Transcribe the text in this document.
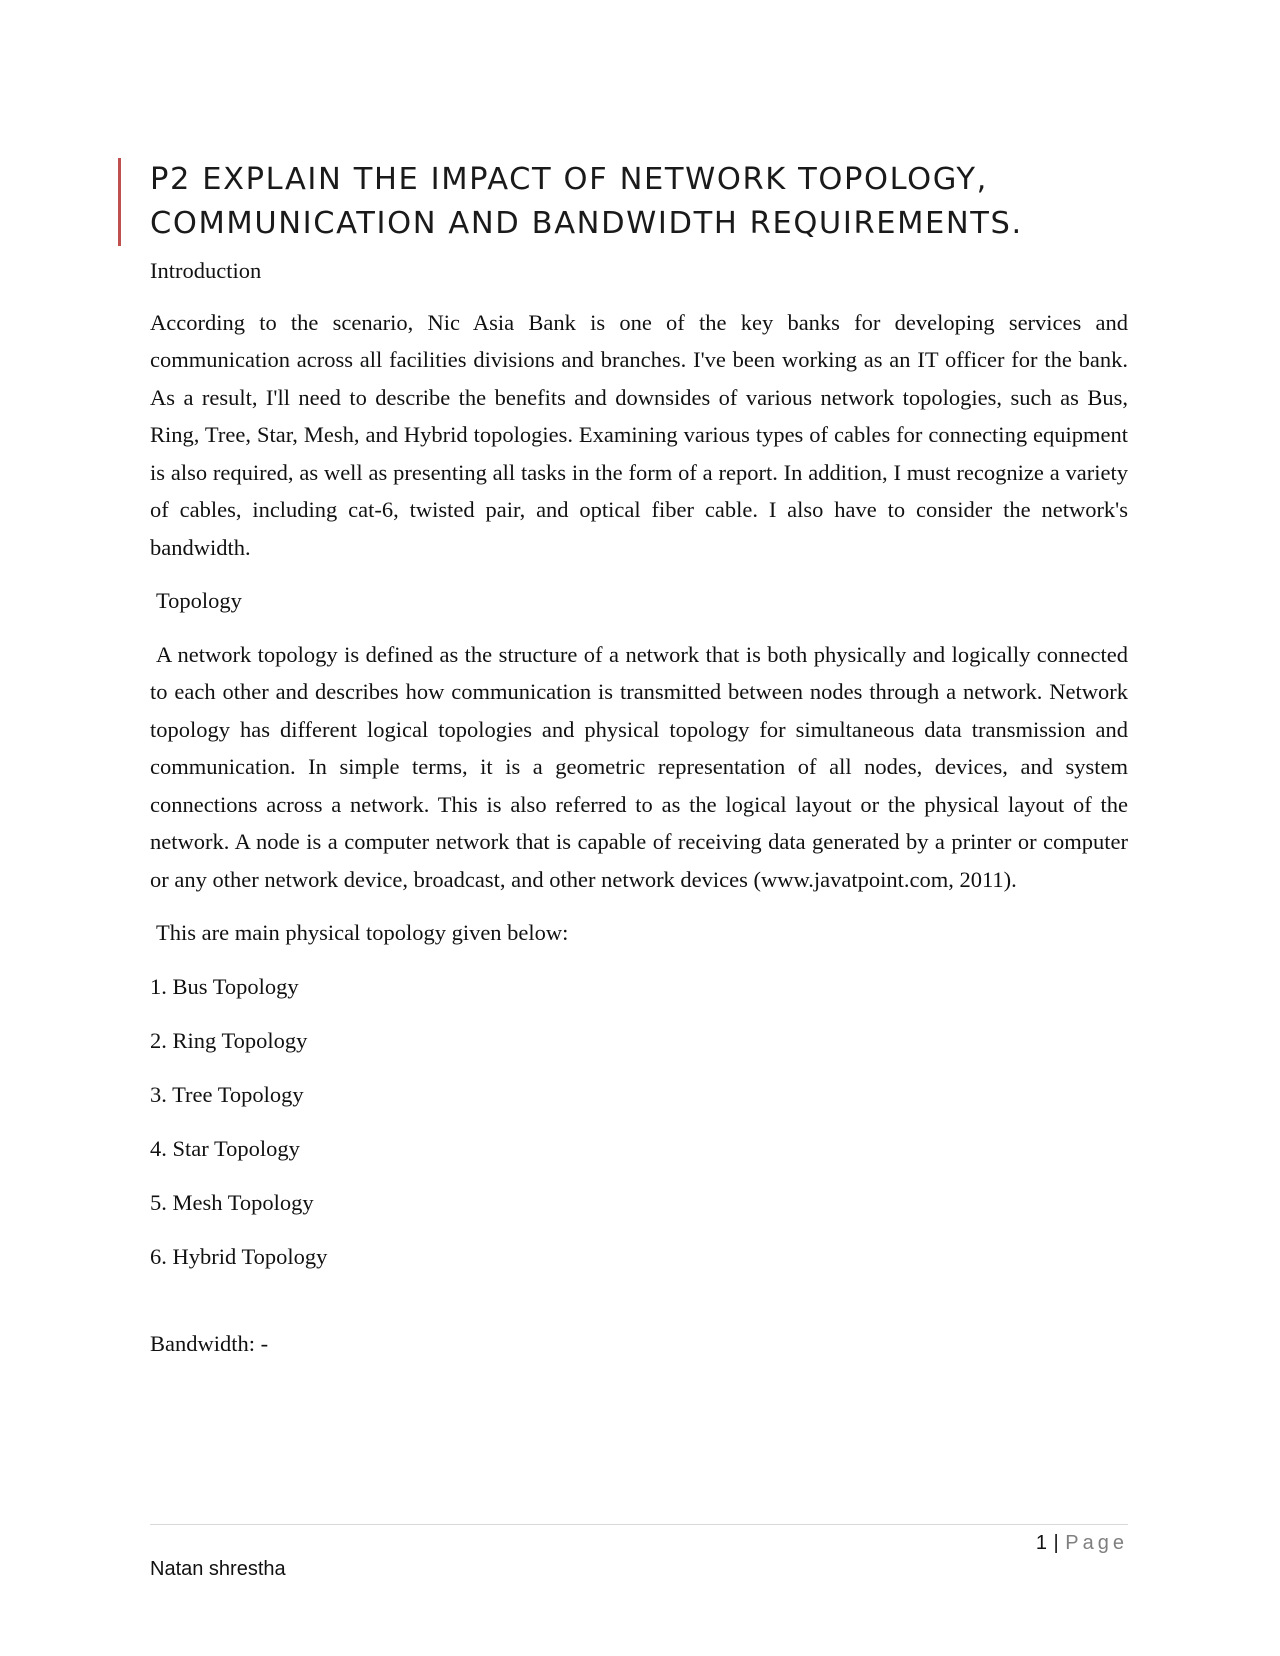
P2 EXPLAIN THE IMPACT OF NETWORK TOPOLOGY, COMMUNICATION AND BANDWIDTH REQUIREMENTS.

Introduction

According to the scenario, Nic Asia Bank is one of the key banks for developing services and communication across all facilities divisions and branches. I've been working as an IT officer for the bank. As a result, I'll need to describe the benefits and downsides of various network topologies, such as Bus, Ring, Tree, Star, Mesh, and Hybrid topologies. Examining various types of cables for connecting equipment is also required, as well as presenting all tasks in the form of a report. In addition, I must recognize a variety of cables, including cat-6, twisted pair, and optical fiber cable. I also have to consider the network's bandwidth.

Topology

A network topology is defined as the structure of a network that is both physically and logically connected to each other and describes how communication is transmitted between nodes through a network. Network topology has different logical topologies and physical topology for simultaneous data transmission and communication. In simple terms, it is a geometric representation of all nodes, devices, and system connections across a network. This is also referred to as the logical layout or the physical layout of the network. A node is a computer network that is capable of receiving data generated by a printer or computer or any other network device, broadcast, and other network devices (www.javatpoint.com, 2011).

This are main physical topology given below:

1. Bus Topology

2. Ring Topology

3. Tree Topology

4. Star Topology

5. Mesh Topology

6. Hybrid Topology

Bandwidth: -

1 | Page
Natan shrestha
